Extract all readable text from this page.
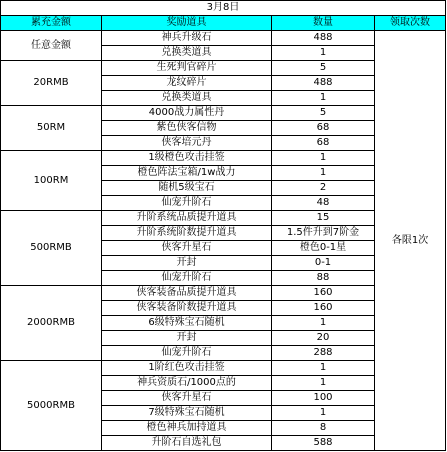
3月8日			
累充金额	奖励道具	数量	领取次数
任意金额	神兵升级石	488	各限1次
	兑换类道具	1	
20RMB	生死判官碎片	5	
	龙纹碎片	488	
	兑换类道具	1	
50RM	4000战力属性丹	5	
	紫色侠客信物	68	
	侠客培元丹	68	
100RM	1级橙色攻击挂签	1	
	橙色阵法宝箱/1w战力	1	
	随机5级宝石	2	
	仙宠升阶石	48	
500RMB	升阶系统品质提升道具	15	
	升阶系统阶数提升道具	1.5件升到7阶金	
	侠客升星石	橙色0-1星	
	开封	0-1	
	仙宠升阶石	88	
2000RMB	侠客装备品质提升道具	160	
	侠客装备阶数提升道具	160	
	6级特殊宝石随机	1	
	开封	20	
	仙宠升阶石	288	
5000RMB	1阶红色攻击挂签	1	
	神兵资质石/1000点的	1	
	侠客升星石	100	
	7级特殊宝石随机	1	
	橙色神兵加持道具	8	
	升阶石自选礼包	588	
